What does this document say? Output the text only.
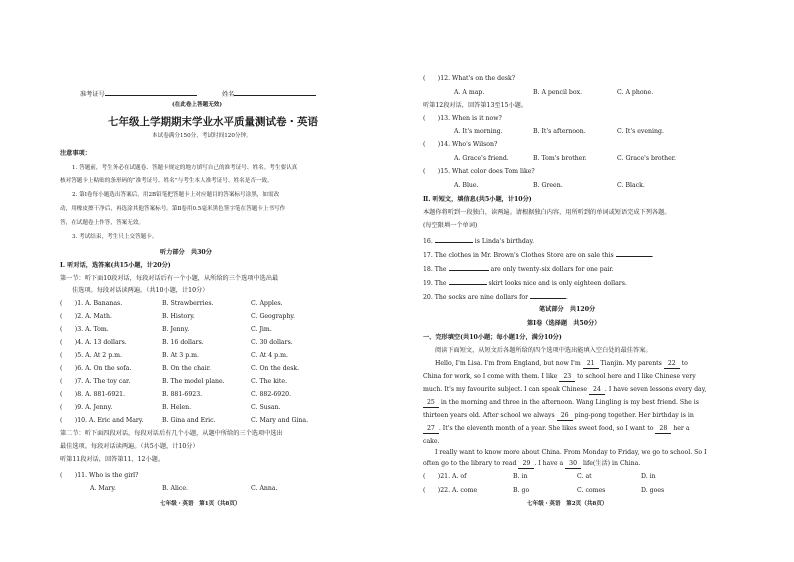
准考证号	姓名
(在此卷上答题无效)
七年级上学期期末学业水平质量测试卷・英语
本试卷满分150分，考试时间120分钟。
注意事项：
1. 答题前，考生务必在试题卷、答题卡规定的地方填写自己的准考证号、姓名。考生要认真
核对答题卡上粘贴的条形码的“准考证号、姓名”与考生本人准考证号、姓名是否一致。
2. 第Ⅰ卷每小题选出答案后，用2B铅笔把答题卡上对应题目的答案标号涂黑，如需改
动，用橡皮擦干净后，再选涂其他答案标号。第Ⅱ卷用0.5毫米黑色签字笔在答题卡上书写作
答，在试题卷上作答，答案无效。
3. 考试结束，考生只上交答题卡。
听力部分　共30分
Ⅰ. 听对话，选答案(共15小题，计20分)
第一节：听下面10段对话，每段对话后有一个小题，从所给的三个选项中选出最
佳选项。每段对话读两遍。（共10小题，计10分）
(　　)1. A. Bananas.	B. Strawberries.	C. Apples.
(　　)2. A. Math.	B. History.	C. Geography.
(　　)3. A. Tom.	B. Jenny.	C. Jim.
(　　)4. A. 13 dollars.	B. 16 dollars.	C. 30 dollars.
(　　)5. A. At 2 p.m.	B. At 3 p.m.	C. At 4 p.m.
(　　)6. A. On the sofa.	B. On the chair.	C. On the desk.
(　　)7. A. The toy car.	B. The model plane.	C. The kite.
(　　)8. A. 881-6921.	B. 881-6923.	C. 882-6920.
(　　)9. A. Jenny.	B. Helen.	C. Susan.
(　　)10. A. Eric and Mary.	B. Gina and Eric.	C. Mary and Gina.
第二节：听下面四段对话，每段对话后有几个小题，从题中所给的三个选项中选出
最佳选项。每段对话读两遍。（共5小题，计10分）
听第11段对话，回答第11、12小题。
(　　)11. Who is the girl?
A. Mary.	B. Alice.	C. Anna.
七年级・英语　第1页（共8页）
(　　)12. What's on the desk?
A. A map.	B. A pencil box.	C. A phone.
听第12段对话，回答第13至15小题。
(　　)13. When is it now?
A. It's morning.	B. It's afternoon.	C. It's evening.
(　　)14. Who's Wilson?
A. Grace's friend.	B. Tom's brother.	C. Grace's brother.
(　　)15. What color does Tom like?
A. Blue.	B. Green.	C. Black.
Ⅱ. 听短文，填信息(共5小题，计10分)
本题你将听到一段独白，读两遍。请根据独白内容，用所听到的单词或短语完成下列各题。
(每空限填一个单词)
16.	is Linda's birthday.
17. The clothes in Mr. Brown's Clothes Store are on sale this	.
18. The	are only twenty-six dollars for one pair.
19. The	skirt looks nice and is only eighteen dollars.
20. The socks are nine dollars for	.
笔试部分　共120分
第Ⅰ卷（选择题　共50分）
一、完形填空(共10小题；每小题1分，满分10分)
阅读下面短文，从短文后各题所给的四个选项中选出能填入空白处的最佳答案。
Hello, I'm Lisa. I'm from England, but now I'm 21 Tianjin. My parents 22 to
China for work, so I come with them. I like 23 to school here and I like Chinese very
much. It's my favourite subject. I can speak Chinese 24 . I have seven lessons every day,
25 in the morning and three in the afternoon. Wang Lingling is my best friend. She is
thirteen years old. After school we always 26 ping-pong together. Her birthday is in
27 . It's the eleventh month of a year. She likes sweet food, so I want to 28 her a
cake.
I really want to know more about China. From Monday to Friday, we go to school. So I
often go to the library to read 29 . I have a 30 life(生活) in China.
(　　)21. A. of	B. in	C. at	D. in
(　　)22. A. come	B. go	C. comes	D. goes
七年级・英语　第2页（共8页）
